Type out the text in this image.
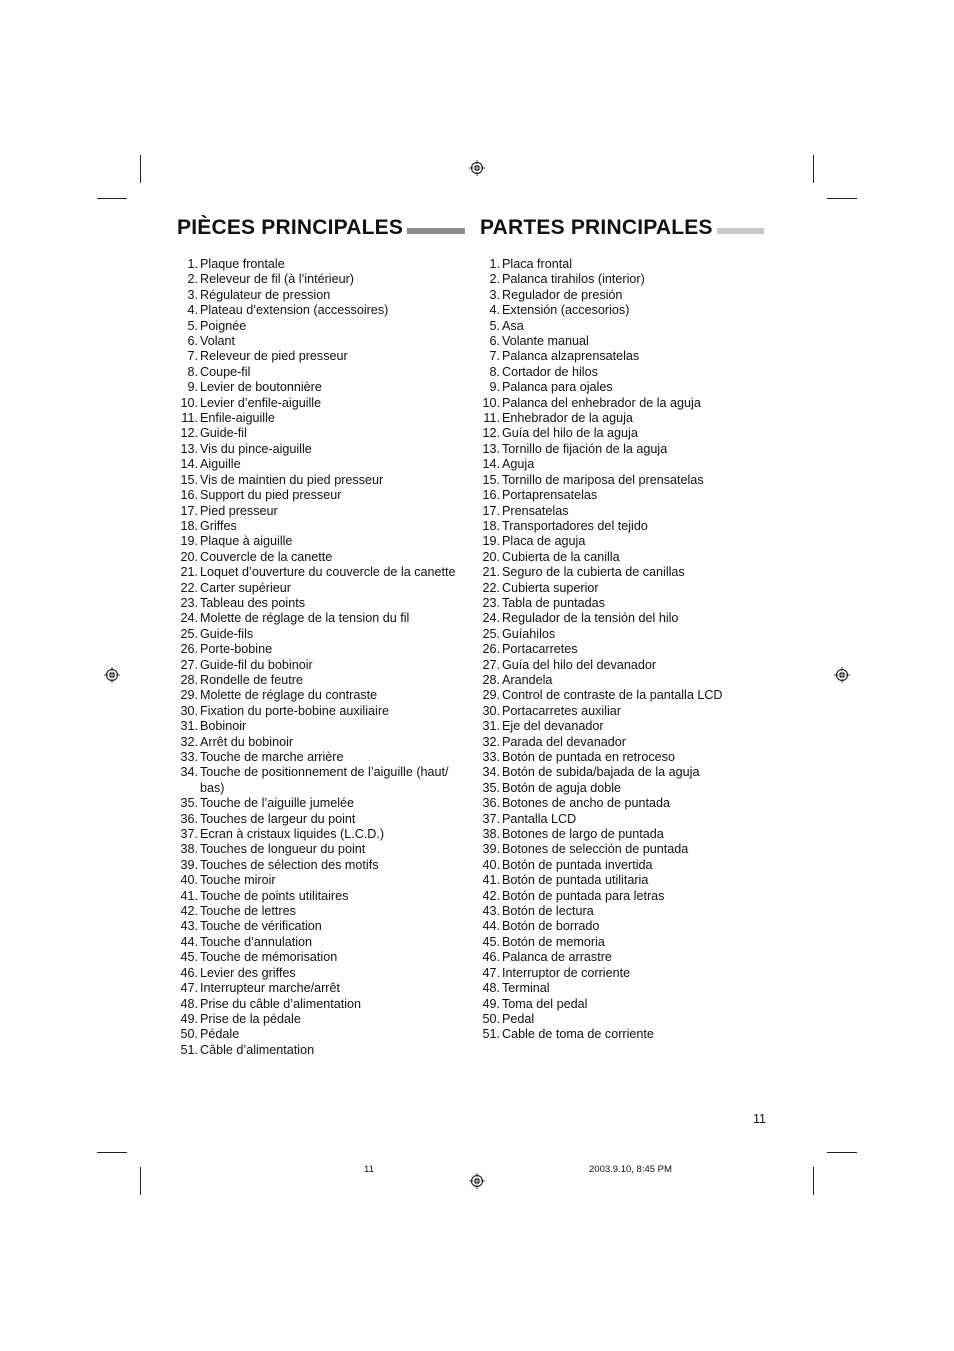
PIÈCES PRINCIPALES	PARTES PRINCIPALES
1. Plaque frontale
2. Releveur de fil (à l’intérieur)
3. Régulateur de pression
4. Plateau d’extension (accessoires)
5. Poignée
6. Volant
7. Releveur de pied presseur
8. Coupe-fil
9. Levier de boutonnière
10. Levier d’enfile-aiguille
11. Enfile-aiguille
12. Guide-fil
13. Vis du pince-aiguille
14. Aiguille
15. Vis de maintien du pied presseur
16. Support du pied presseur
17. Pied presseur
18. Griffes
19. Plaque à aiguille
20. Couvercle de la canette
21. Loquet d’ouverture du couvercle de la canette
22. Carter supérieur
23. Tableau des points
24. Molette de réglage de la tension du fil
25. Guide-fils
26. Porte-bobine
27. Guide-fil du bobinoir
28. Rondelle de feutre
29. Molette de réglage du contraste
30. Fixation du porte-bobine auxiliaire
31. Bobinoir
32. Arrêt du bobinoir
33. Touche de marche arrière
34. Touche de positionnement de l’aiguille (haut/ bas)
35. Touche de l’aiguille jumelée
36. Touches de largeur du point
37. Ecran à cristaux liquides (L.C.D.)
38. Touches de longueur du point
39. Touches de sélection des motifs
40. Touche miroir
41. Touche de points utilitaires
42. Touche de lettres
43. Touche de vérification
44. Touche d’annulation
45. Touche de mémorisation
46. Levier des griffes
47. Interrupteur marche/arrêt
48. Prise du câble d’alimentation
49. Prise de la pédale
50. Pédale
51. Câble d’alimentation
1. Placa frontal
2. Palanca tirahilos (interior)
3. Regulador de presión
4. Extensión (accesorios)
5. Asa
6. Volante manual
7. Palanca alzaprensatelas
8. Cortador de hilos
9. Palanca para ojales
10. Palanca del enhebrador de la aguja
11. Enhebrador de la aguja
12. Guía del hilo de la aguja
13. Tornillo de fijación de la aguja
14. Aguja
15. Tornillo de mariposa del prensatelas
16. Portaprensatelas
17. Prensatelas
18. Transportadores del tejido
19. Placa de aguja
20. Cubierta de la canilla
21. Seguro de la cubierta de canillas
22. Cubierta superior
23. Tabla de puntadas
24. Regulador de la tensión del hilo
25. Guíahilos
26. Portacarretes
27. Guía del hilo del devanador
28. Arandela
29. Control de contraste de la pantalla LCD
30. Portacarretes auxiliar
31. Eje del devanador
32. Parada del devanador
33. Botón de puntada en retroceso
34. Botón de subida/bajada de la aguja
35. Botón de aguja doble
36. Botones de ancho de puntada
37. Pantalla LCD
38. Botones de largo de puntada
39. Botones de selección de puntada
40. Botón de puntada invertida
41. Botón de puntada utilitaria
42. Botón de puntada para letras
43. Botón de lectura
44. Botón de borrado
45. Botón de memoria
46. Palanca de arrastre
47. Interruptor de corriente
48. Terminal
49. Toma del pedal
50. Pedal
51. Cable de toma de corriente
11
11	2003.9.10, 8:45 PM
